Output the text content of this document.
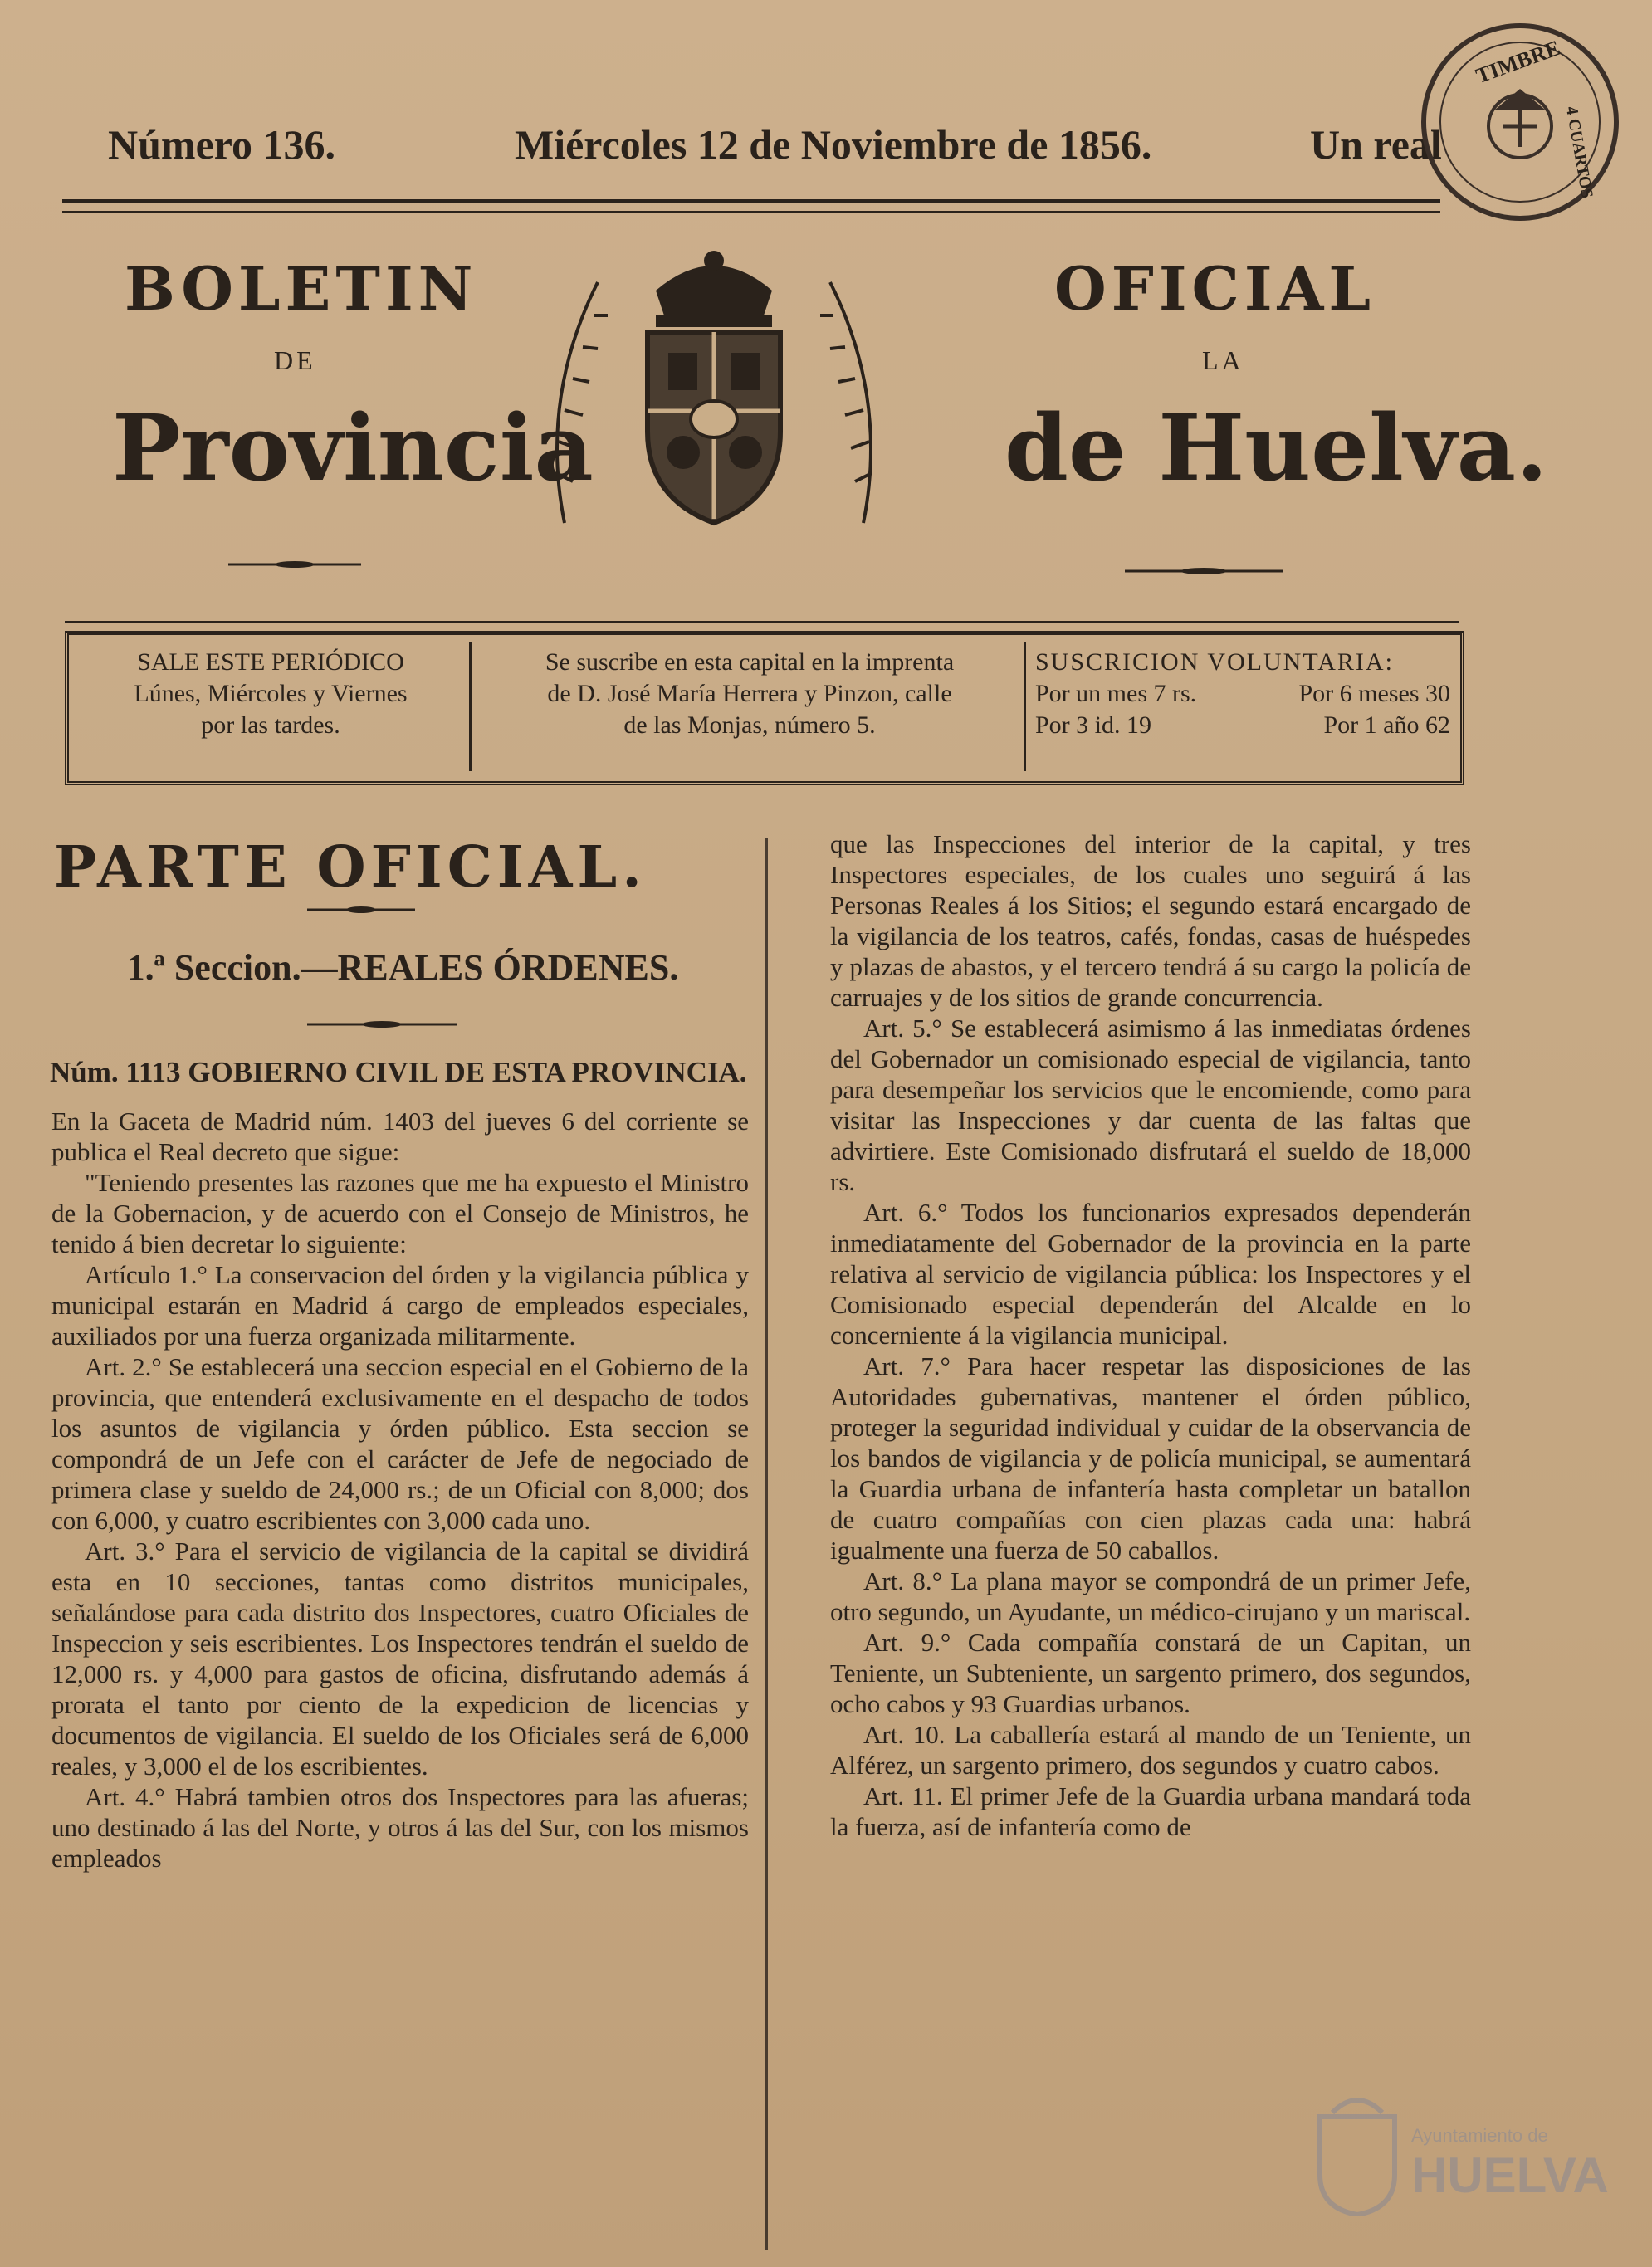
Número 136.	Miércoles 12 de Noviembre de 1856.	Un real
TIMBRE
4 CUARTOS
BOLETIN	OFICIAL
DE	LA
Provincia	de Huelva.
SALE ESTE PERIÓDICO
Lúnes, Miércoles y Viernes
por las tardes.
Se suscribe en esta capital en la imprenta
de D. José María Herrera y Pinzon, calle
de las Monjas, número 5.
SUSCRICION VOLUNTARIA:
Por un mes 7 rs.	Por 6 meses 30
Por 3 id. 19	Por 1 año 62
PARTE OFICIAL.
1.ª Seccion.—REALES ÓRDENES.
Núm. 1113 GOBIERNO CIVIL DE ESTA PROVINCIA.

En la Gaceta de Madrid núm. 1403 del jueves 6 del corriente se publica el Real decreto que sigue:

"Teniendo presentes las razones que me ha expuesto el Ministro de la Gobernacion, y de acuerdo con el Consejo de Ministros, he tenido á bien decretar lo siguiente:

Artículo 1.° La conservacion del órden y la vigilancia pública y municipal estarán en Madrid á cargo de empleados especiales, auxiliados por una fuerza organizada militarmente.

Art. 2.° Se establecerá una seccion especial en el Gobierno de la provincia, que entenderá exclusivamente en el despacho de todos los asuntos de vigilancia y órden público. Esta seccion se compondrá de un Jefe con el carácter de Jefe de negociado de primera clase y sueldo de 24,000 rs.; de un Oficial con 8,000; dos con 6,000, y cuatro escribientes con 3,000 cada uno.

Art. 3.° Para el servicio de vigilancia de la capital se dividirá esta en 10 secciones, tantas como distritos municipales, señalándose para cada distrito dos Inspectores, cuatro Oficiales de Inspeccion y seis escribientes. Los Inspectores tendrán el sueldo de 12,000 rs. y 4,000 para gastos de oficina, disfrutando además á prorata el tanto por ciento de la expedicion de licencias y documentos de vigilancia. El sueldo de los Oficiales será de 6,000 reales, y 3,000 el de los escribientes.

Art. 4.° Habrá tambien otros dos Inspectores para las afueras; uno destinado á las del Norte, y otros á las del Sur, con los mismos empleados

que las Inspecciones del interior de la capital, y tres Inspectores especiales, de los cuales uno seguirá á las Personas Reales á los Sitios; el segundo estará encargado de la vigilancia de los teatros, cafés, fondas, casas de huéspedes y plazas de abastos, y el tercero tendrá á su cargo la policía de carruajes y de los sitios de grande concurrencia.

Art. 5.° Se establecerá asimismo á las inmediatas órdenes del Gobernador un comisionado especial de vigilancia, tanto para desempeñar los servicios que le encomiende, como para visitar las Inspecciones y dar cuenta de las faltas que advirtiere. Este Comisionado disfrutará el sueldo de 18,000 rs.

Art. 6.° Todos los funcionarios expresados dependerán inmediatamente del Gobernador de la provincia en la parte relativa al servicio de vigilancia pública: los Inspectores y el Comisionado especial dependerán del Alcalde en lo concerniente á la vigilancia municipal.

Art. 7.° Para hacer respetar las disposiciones de las Autoridades gubernativas, mantener el órden público, proteger la seguridad individual y cuidar de la observancia de los bandos de vigilancia y de policía municipal, se aumentará la Guardia urbana de infantería hasta completar un batallon de cuatro compañías con cien plazas cada una: habrá igualmente una fuerza de 50 caballos.

Art. 8.° La plana mayor se compondrá de un primer Jefe, otro segundo, un Ayudante, un médico-cirujano y un mariscal.

Art. 9.° Cada compañía constará de un Capitan, un Teniente, un Subteniente, un sargento primero, dos segundos, ocho cabos y 93 Guardias urbanos.

Art. 10. La caballería estará al mando de un Teniente, un Alférez, un sargento primero, dos segundos y cuatro cabos.

Art. 11. El primer Jefe de la Guardia urbana mandará toda la fuerza, así de infantería como de

Ayuntamiento de
HUELVA
